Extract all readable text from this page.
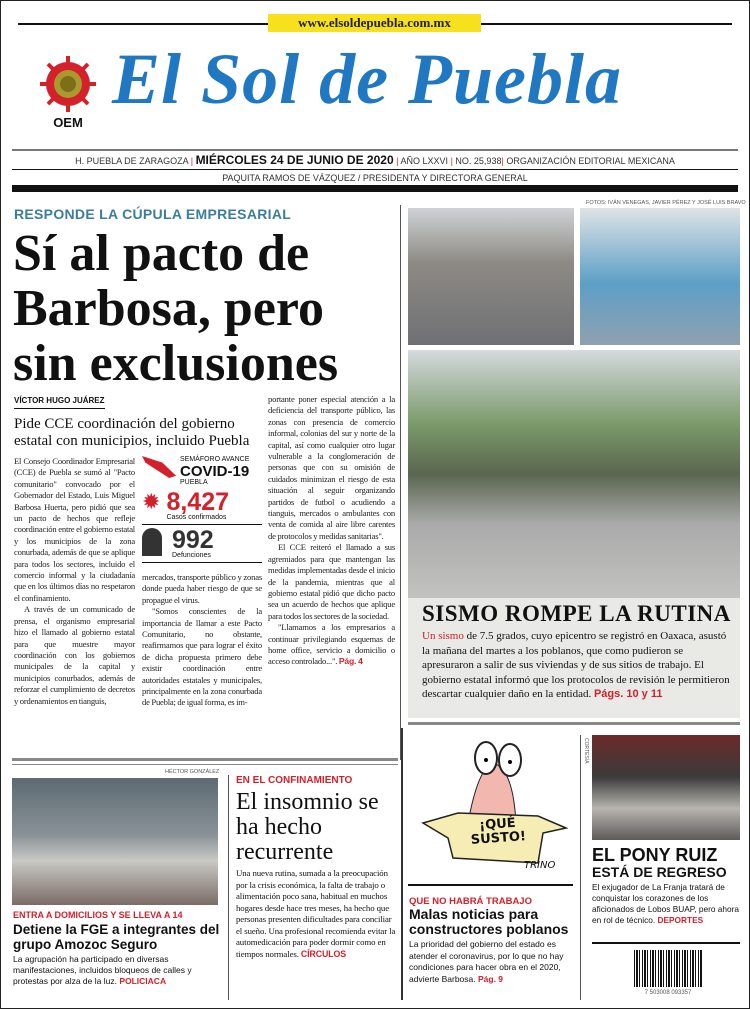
www.elsoldepuebla.com.mx
OEM
El Sol de Puebla
H. PUEBLA DE ZARAGOZA | MIÉRCOLES 24 DE JUNIO DE 2020 | AÑO LXXVI | NO. 25,938| ORGANIZACIÓN EDITORIAL MEXICANA
PAQUITA RAMOS DE VÁZQUEZ / PRESIDENTA Y DIRECTORA GENERAL
RESPONDE LA CÚPULA EMPRESARIAL
Sí al pacto de Barbosa, pero sin exclusiones
VÍCTOR HUGO JUÁREZ
Pide CCE coordinación del gobierno estatal con municipios, incluido Puebla

El Consejo Coordinador Empresarial (CCE) de Puebla se sumó al "Pacto comunitario" convocado por el Gobernador del Estado, Luis Miguel Barbosa Huerta, pero pidió que sea un pacto de hechos que refleje coordinación entre el gobierno estatal y los municipios de la zona conurbada, además de que se aplique para todos los sectores, incluido el comercio informal y la ciudadanía que en los últimos días no respetaron el confinamiento.

A través de un comunicado de prensa, el organismo empresarial hizo el llamado al gobierno estatal para que muestre mayor coordinación con los gobiernos municipales de la capital y municipios conurbados, además de reforzar el cumplimiento de decretos y ordenamientos en tianguis,

SEMÁFORO AVANCE
COVID-19
PUEBLA
✹ 8,427
Casos confirmados
992
Defunciones

mercados, transporte público y zonas donde pueda haber riesgo de que se propague el virus.

"Somos conscientes de la importancia de llamar a este Pacto Comunitario, no obstante, reafirmamos que para lograr el éxito de dicha propuesta primero debe existir coordinación entre autoridades estatales y municipales, principalmente en la zona conurbada de Puebla; de igual forma, es im-

portante poner especial atención a la deficiencia del transporte público, las zonas con presencia de comercio informal, colonias del sur y norte de la capital, así como cualquier otro lugar vulnerable a la conglomeración de personas que con su omisión de cuidados minimizan el riesgo de esta situación al seguir organizando partidos de futbol o acudiendo a tianguis, mercados o ambulantes con venta de comida al aire libre carentes de protocolos y medidas sanitarias".

El CCE reiteró el llamado a sus agremiados para que mantengan las medidas implementadas desde el inicio de la pandemia, mientras que al gobierno estatal pidió que dicho pacto sea un acuerdo de hechos que aplique para todos los sectores de la sociedad.

"Llamamos a los empresarios a continuar privilegiando esquemas de home office, servicio a domicilio o acceso controlado...". Pág. 4

FOTOS: IVÁN VENEGAS, JAVIER PÉREZ Y JOSÉ LUIS BRAVO
SISMO ROMPE LA RUTINA
Un sismo de 7.5 grados, cuyo epicentro se registró en Oaxaca, asustó la mañana del martes a los poblanos, que como pudieron se apresuraron a salir de sus viviendas y de sus sitios de trabajo. El gobierno estatal informó que los protocolos de revisión le permitieron descartar cualquier daño en la entidad. Págs. 10 y 11
HÉCTOR GONZÁLEZ
ENTRA A DOMICILIOS Y SE LLEVA A 14
Detiene la FGE a integrantes del grupo Amozoc Seguro
La agrupación ha participado en diversas manifestaciones, incluidos bloqueos de calles y protestas por alza de la luz. POLICIACA
EN EL CONFINAMIENTO
El insomnio se ha hecho recurrente
Una nueva rutina, sumada a la preocupación por la crisis económica, la falta de trabajo o alimentación poco sana, habitual en muchos hogares desde hace tres meses, ha hecho que personas presenten dificultades para conciliar el sueño. Una profesional recomienda evitar la automedicación para poder dormir como en tiempos normales. CÍRCULOS
¡QUÉ SUSTO!
TRINO
QUE NO HABRÁ TRABAJO
Malas noticias para constructores poblanos
La prioridad del gobierno del estado es atender el coronavirus, por lo que no hay condiciones para hacer obra en el 2020, advierte Barbosa. Pág. 9
CORTESÍA
EL PONY RUIZ
ESTÁ DE REGRESO
El exjugador de La Franja tratará de conquistar los corazones de los aficionados de Lobos BUAP, pero ahora en rol de técnico. DEPORTES
7 503008 093357
